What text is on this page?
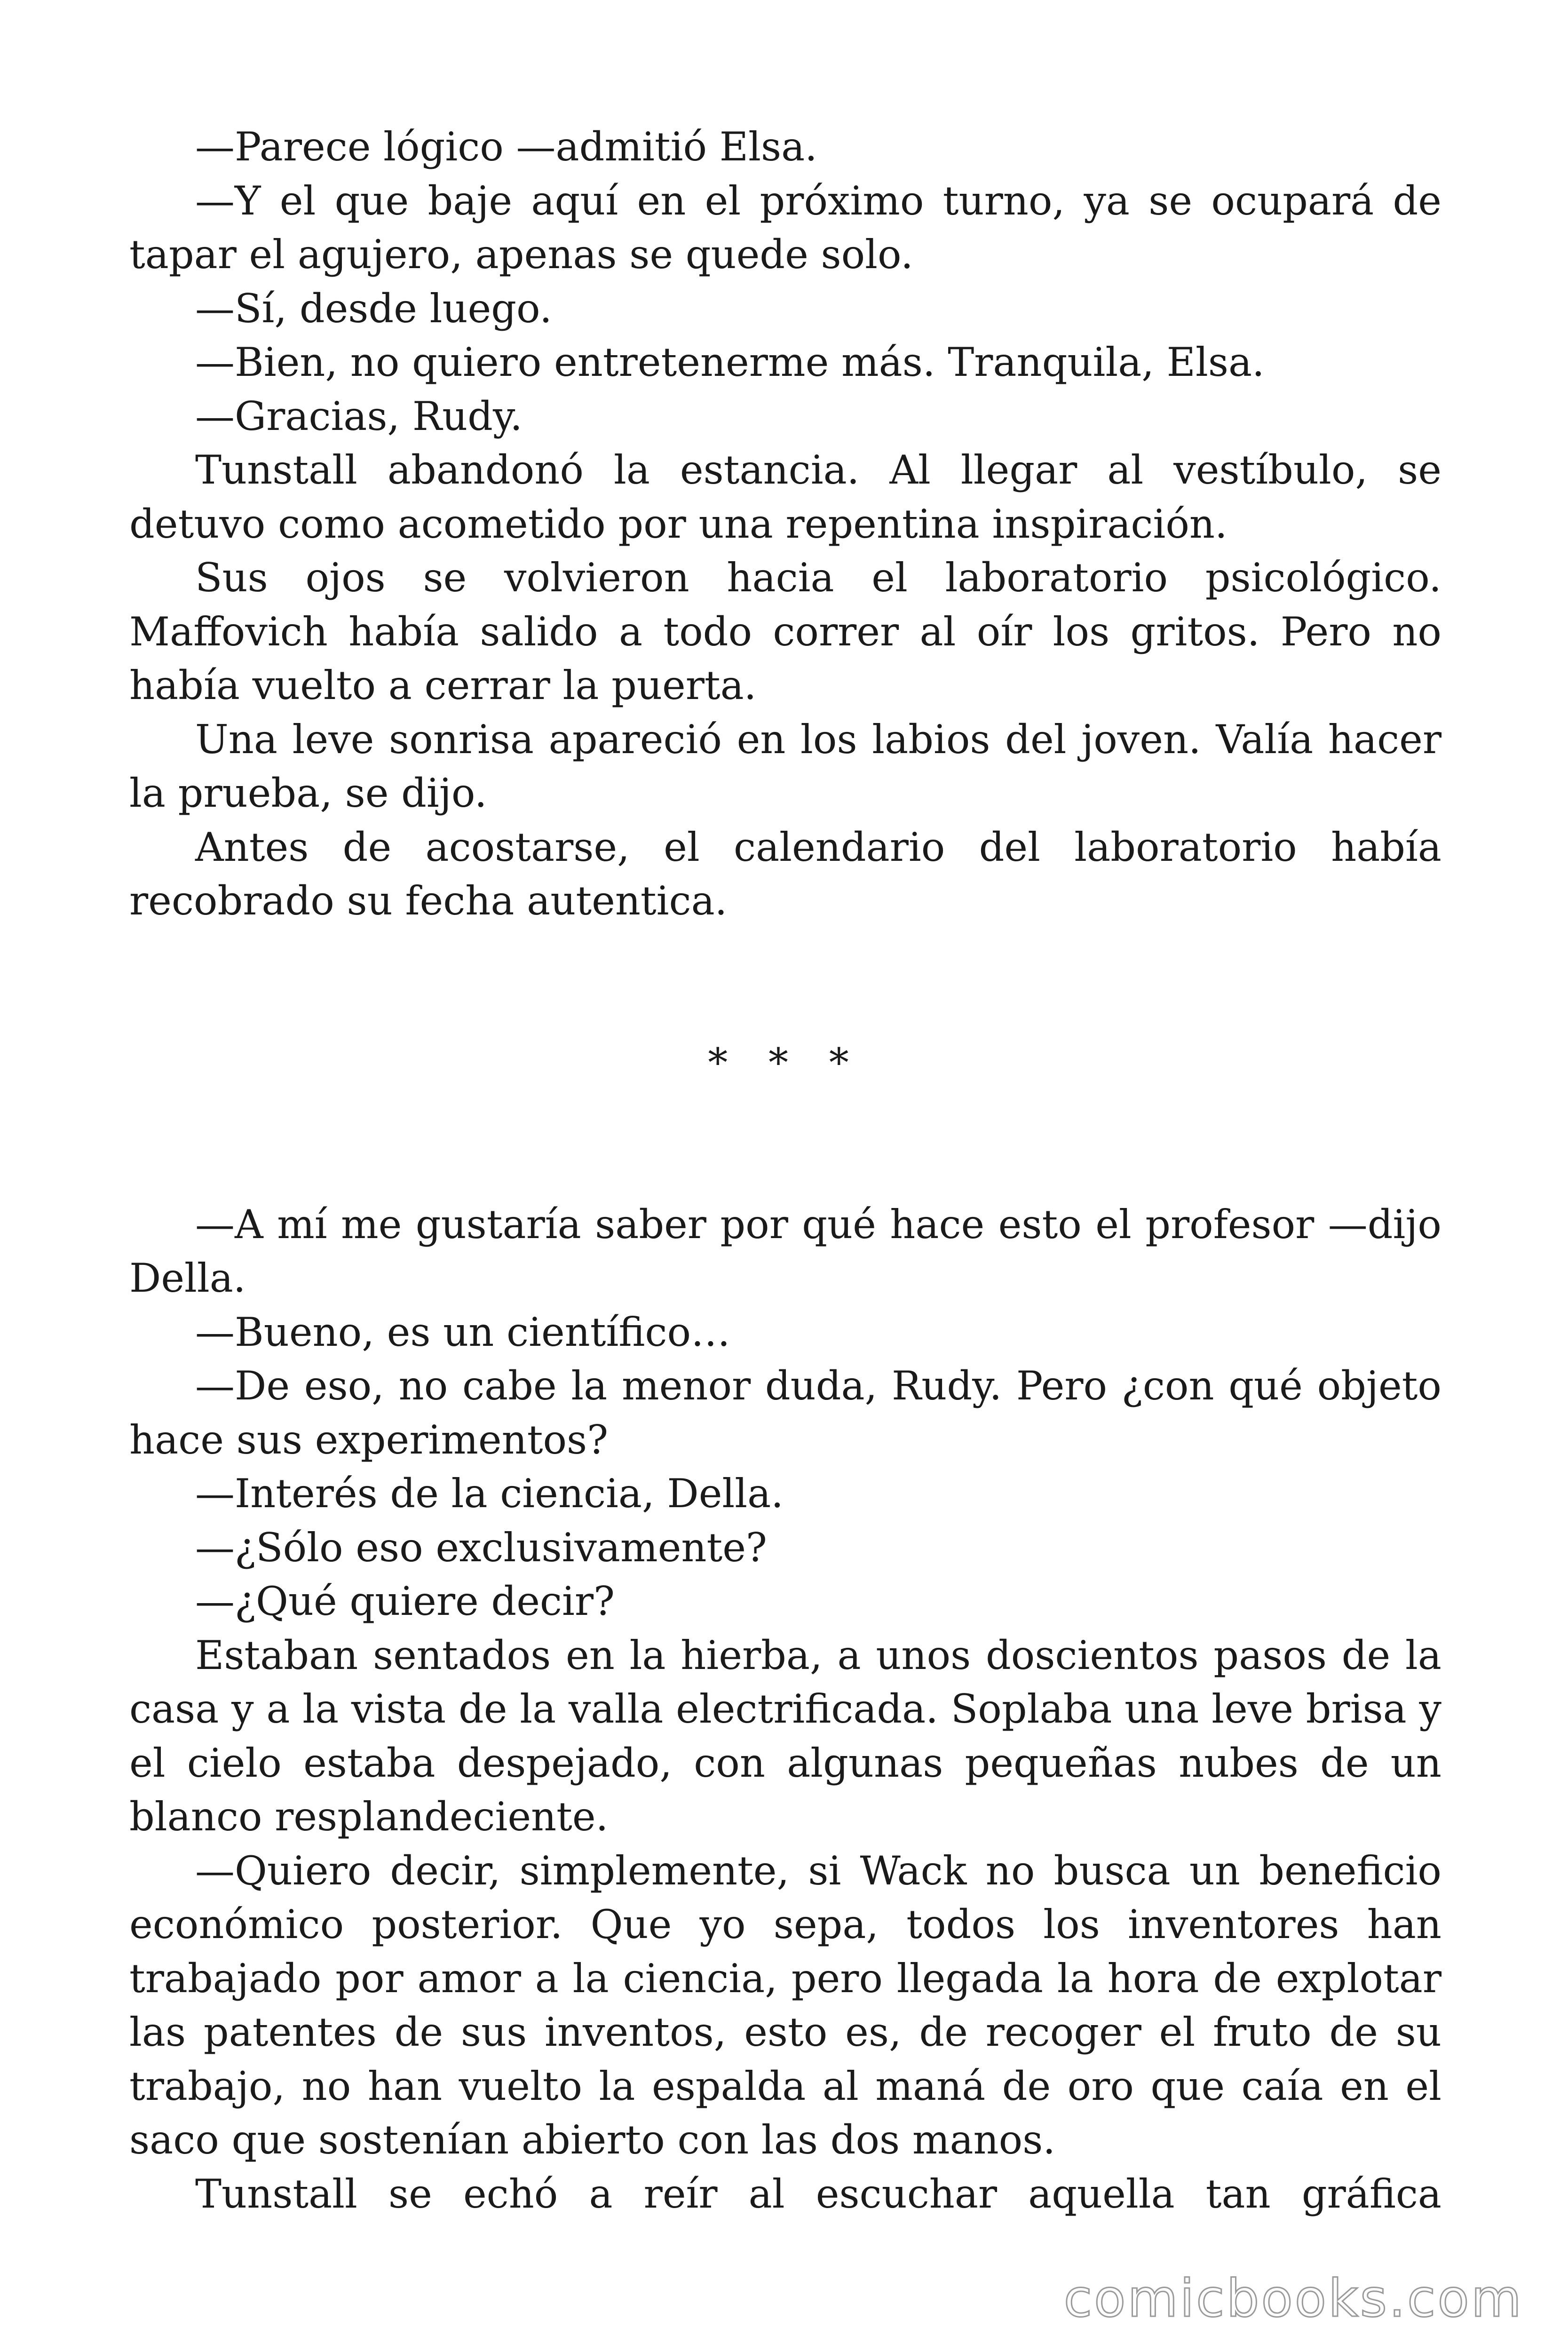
—Parece lógico —admitió Elsa.

—Y el que baje aquí en el próximo turno, ya se ocupará de tapar el agujero, apenas se quede solo.

—Sí, desde luego.

—Bien, no quiero entretenerme más. Tranquila, Elsa.

—Gracias, Rudy.

Tunstall abandonó la estancia. Al llegar al vestíbulo, se detuvo como acometido por una repentina inspiración.

Sus ojos se volvieron hacia el laboratorio psicológico. Maffovich había salido a todo correr al oír los gritos. Pero no había vuelto a cerrar la puerta.

Una leve sonrisa apareció en los labios del joven. Valía hacer la prueba, se dijo.

Antes de acostarse, el calendario del laboratorio había recobrado su fecha autentica.

* * *

—A mí me gustaría saber por qué hace esto el profesor —dijo Della.

—Bueno, es un científico…

—De eso, no cabe la menor duda, Rudy. Pero ¿con qué objeto hace sus experimentos?

—Interés de la ciencia, Della.

—¿Sólo eso exclusivamente?

—¿Qué quiere decir?

Estaban sentados en la hierba, a unos doscientos pasos de la casa y a la vista de la valla electrificada. Soplaba una leve brisa y el cielo estaba despejado, con algunas pequeñas nubes de un blanco resplandeciente.

—Quiero decir, simplemente, si Wack no busca un beneficio económico posterior. Que yo sepa, todos los inventores han trabajado por amor a la ciencia, pero llegada la hora de explotar las patentes de sus inventos, esto es, de recoger el fruto de su trabajo, no han vuelto la espalda al maná de oro que caía en el saco que sostenían abierto con las dos manos.

Tunstall se echó a reír al escuchar aquella tan gráfica

comicbooks.com
